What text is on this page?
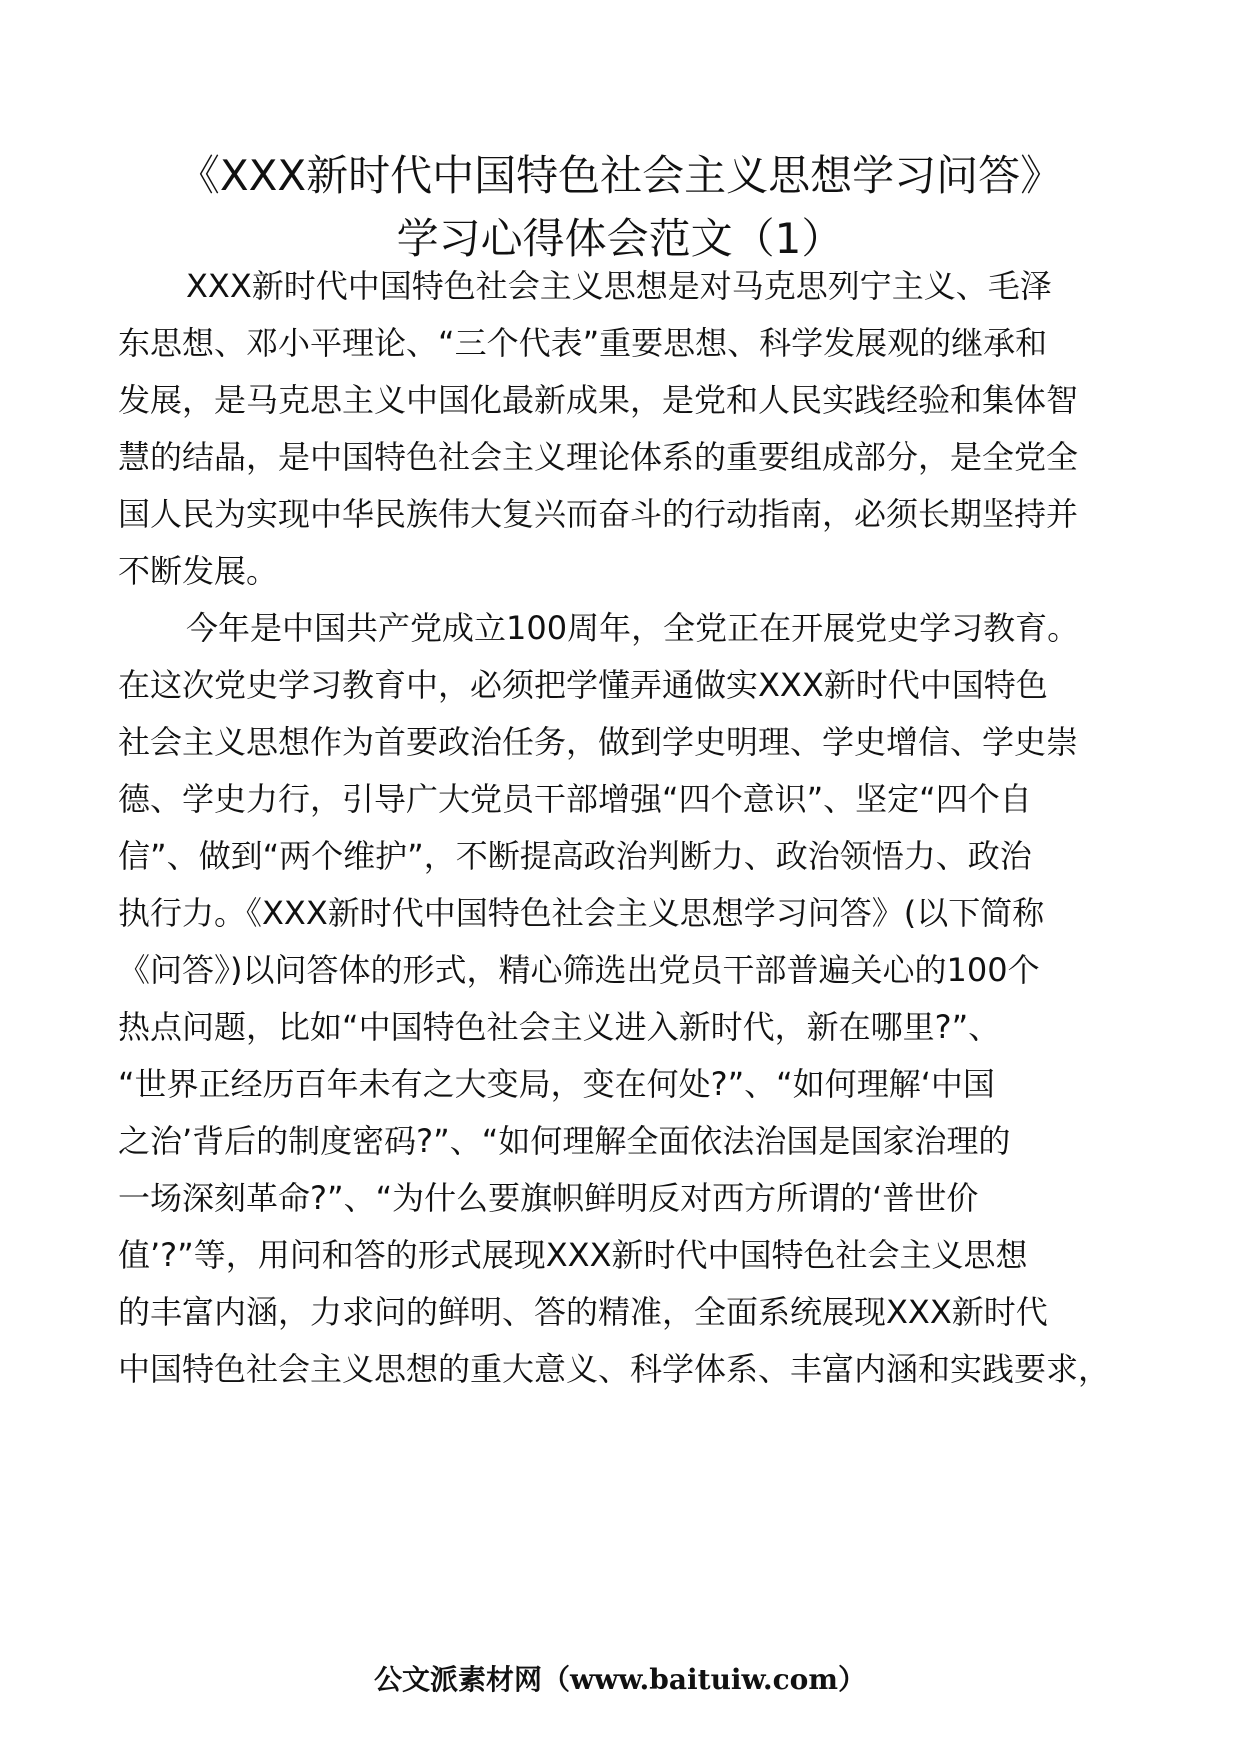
《XXX新时代中国特色社会主义思想学习问答》
学习心得体会范文（1）

XXX新时代中国特色社会主义思想是对马克思列宁主义、毛泽

东思想、邓小平理论、“三个代表”重要思想、科学发展观的继承和

发展，是马克思主义中国化最新成果，是党和人民实践经验和集体智

慧的结晶，是中国特色社会主义理论体系的重要组成部分，是全党全

国人民为实现中华民族伟大复兴而奋斗的行动指南，必须长期坚持并

不断发展。

今年是中国共产党成立100周年，全党正在开展党史学习教育。

在这次党史学习教育中，必须把学懂弄通做实XXX新时代中国特色

社会主义思想作为首要政治任务，做到学史明理、学史增信、学史崇

德、学史力行，引导广大党员干部增强“四个意识”、坚定“四个自

信”、做到“两个维护”，不断提高政治判断力、政治领悟力、政治

执行力。《XXX新时代中国特色社会主义思想学习问答》(以下简称

《问答》)以问答体的形式，精心筛选出党员干部普遍关心的100个

热点问题，比如“中国特色社会主义进入新时代，新在哪里?”、

“世界正经历百年未有之大变局，变在何处?”、“如何理解‘中国

之治’背后的制度密码?”、“如何理解全面依法治国是国家治理的

一场深刻革命?”、“为什么要旗帜鲜明反对西方所谓的‘普世价

值’?”等，用问和答的形式展现XXX新时代中国特色社会主义思想

的丰富内涵，力求问的鲜明、答的精准，全面系统展现XXX新时代

中国特色社会主义思想的重大意义、科学体系、丰富内涵和实践要求，

公文派素材网（www.baituiw.com）
